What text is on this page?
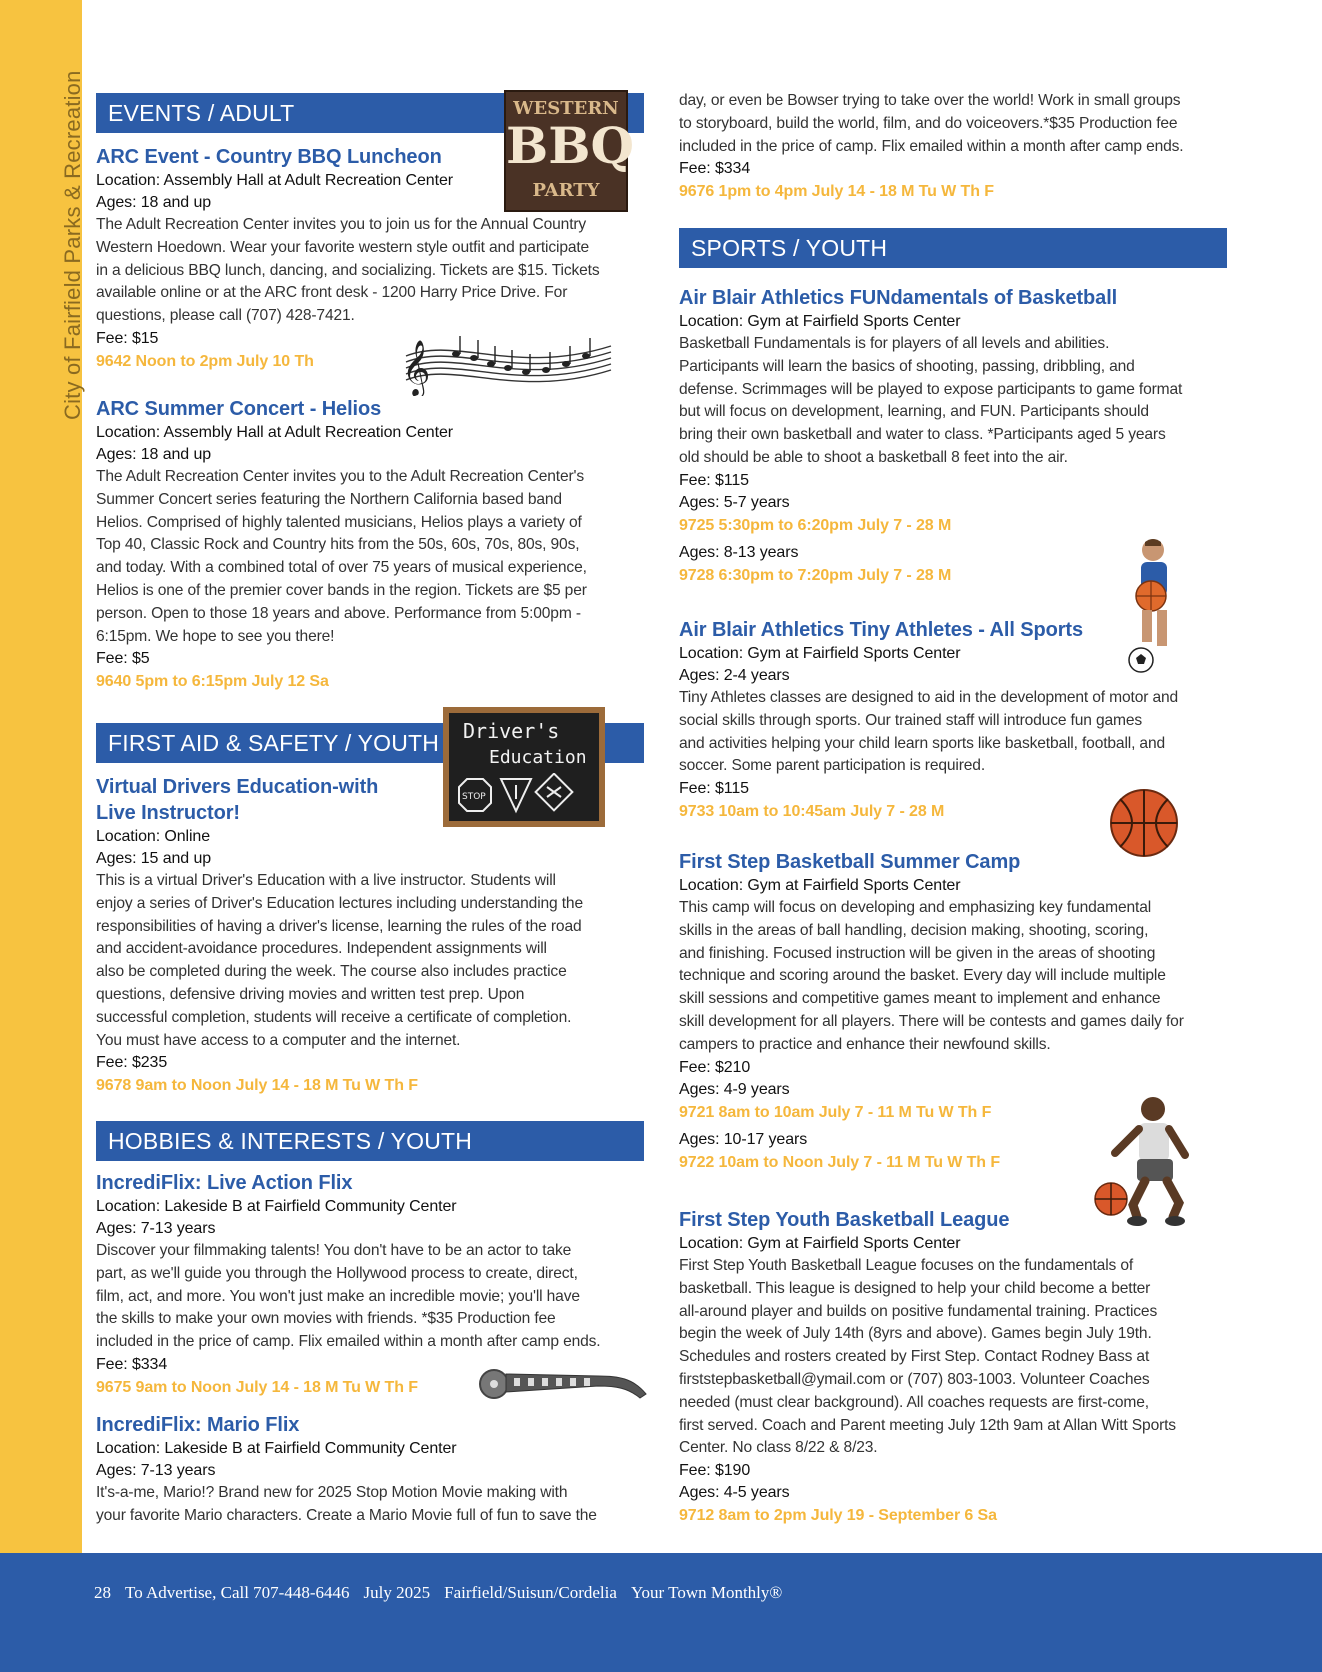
City of Fairfield Parks & Recreation	EVENTS / ADULT
ARC Event - Country BBQ Luncheon
Location: Assembly Hall at Adult Recreation Center
Ages: 18 and up
The Adult Recreation Center invites you to join us for the Annual Country
Western Hoedown. Wear your favorite western style outfit and participate
in a delicious BBQ lunch, dancing, and socializing. Tickets are $15. Tickets
available online or at the ARC front desk - 1200 Harry Price Drive. For
questions, please call (707) 428-7421.
Fee: $15
9642 Noon to 2pm July 10 Th
ARC Summer Concert - Helios
Location: Assembly Hall at Adult Recreation Center
Ages: 18 and up
The Adult Recreation Center invites you to the Adult Recreation Center's
Summer Concert series featuring the Northern California based band
Helios. Comprised of highly talented musicians, Helios plays a variety of
Top 40, Classic Rock and Country hits from the 50s, 60s, 70s, 80s, 90s,
and today. With a combined total of over 75 years of musical experience,
Helios is one of the premier cover bands in the region. Tickets are $5 per
person. Open to those 18 years and above. Performance from 5:00pm -
6:15pm. We hope to see you there!
Fee: $5
9640 5pm to 6:15pm July 12 Sa
FIRST AID & SAFETY / YOUTH
Virtual Drivers Education-with
Live Instructor!
Location: Online
Ages: 15 and up
This is a virtual Driver's Education with a live instructor. Students will
enjoy a series of Driver's Education lectures including understanding the
responsibilities of having a driver's license, learning the rules of the road
and accident-avoidance procedures. Independent assignments will
also be completed during the week. The course also includes practice
questions, defensive driving movies and written test prep. Upon
successful completion, students will receive a certificate of completion.
You must have access to a computer and the internet.
Fee: $235
9678 9am to Noon July 14 - 18 M Tu W Th F
HOBBIES & INTERESTS / YOUTH
IncrediFlix: Live Action Flix
Location: Lakeside B at Fairfield Community Center
Ages: 7-13 years
Discover your filmmaking talents! You don't have to be an actor to take
part, as we'll guide you through the Hollywood process to create, direct,
film, act, and more. You won't just make an incredible movie; you'll have
the skills to make your own movies with friends. *$35 Production fee
included in the price of camp. Flix emailed within a month after camp ends.
Fee: $334
9675 9am to Noon July 14 - 18 M Tu W Th F
IncrediFlix: Mario Flix
Location: Lakeside B at Fairfield Community Center
Ages: 7-13 years
It's-a-me, Mario!? Brand new for 2025 Stop Motion Movie making with
your favorite Mario characters. Create a Mario Movie full of fun to save the
WESTERN
BBQ
PARTY
𝄞
Driver's
Education
STOP
day, or even be Bowser trying to take over the world! Work in small groups
to storyboard, build the world, film, and do voiceovers.*$35 Production fee
included in the price of camp. Flix emailed within a month after camp ends.
Fee: $334
9676 1pm to 4pm July 14 - 18 M Tu W Th F
SPORTS / YOUTH
Air Blair Athletics FUNdamentals of Basketball
Location: Gym at Fairfield Sports Center
Basketball Fundamentals is for players of all levels and abilities.
Participants will learn the basics of shooting, passing, dribbling, and
defense. Scrimmages will be played to expose participants to game format
but will focus on development, learning, and FUN. Participants should
bring their own basketball and water to class. *Participants aged 5 years
old should be able to shoot a basketball 8 feet into the air.
Fee: $115
Ages: 5-7 years
9725 5:30pm to 6:20pm July 7 - 28 M
Ages: 8-13 years
9728 6:30pm to 7:20pm July 7 - 28 M
Air Blair Athletics Tiny Athletes - All Sports
Location: Gym at Fairfield Sports Center
Ages: 2-4 years
Tiny Athletes classes are designed to aid in the development of motor and
social skills through sports. Our trained staff will introduce fun games
and activities helping your child learn sports like basketball, football, and
soccer. Some parent participation is required.
Fee: $115
9733 10am to 10:45am July 7 - 28 M
First Step Basketball Summer Camp
Location: Gym at Fairfield Sports Center
This camp will focus on developing and emphasizing key fundamental
skills in the areas of ball handling, decision making, shooting, scoring,
and finishing. Focused instruction will be given in the areas of shooting
technique and scoring around the basket. Every day will include multiple
skill sessions and competitive games meant to implement and enhance
skill development for all players. There will be contests and games daily for
campers to practice and enhance their newfound skills.
Fee: $210
Ages: 4-9 years
9721 8am to 10am July 7 - 11 M Tu W Th F
Ages: 10-17 years
9722 10am to Noon July 7 - 11 M Tu W Th F
First Step Youth Basketball League
Location: Gym at Fairfield Sports Center
First Step Youth Basketball League focuses on the fundamentals of
basketball. This league is designed to help your child become a better
all-around player and builds on positive fundamental training. Practices
begin the week of July 14th (8yrs and above). Games begin July 19th.
Schedules and rosters created by First Step. Contact Rodney Bass at
firststepbasketball@ymail.com or (707) 803-1003. Volunteer Coaches
needed (must clear background). All coaches requests are first-come,
first served. Coach and Parent meeting July 12th 9am at Allan Witt Sports
Center. No class 8/22 & 8/23.
Fee: $190
Ages: 4-5 years
9712 8am to 2pm July 19 - September 6 Sa
28 To Advertise, Call 707-448-6446 July 2025 Fairfield/Suisun/Cordelia Your Town Monthly®
